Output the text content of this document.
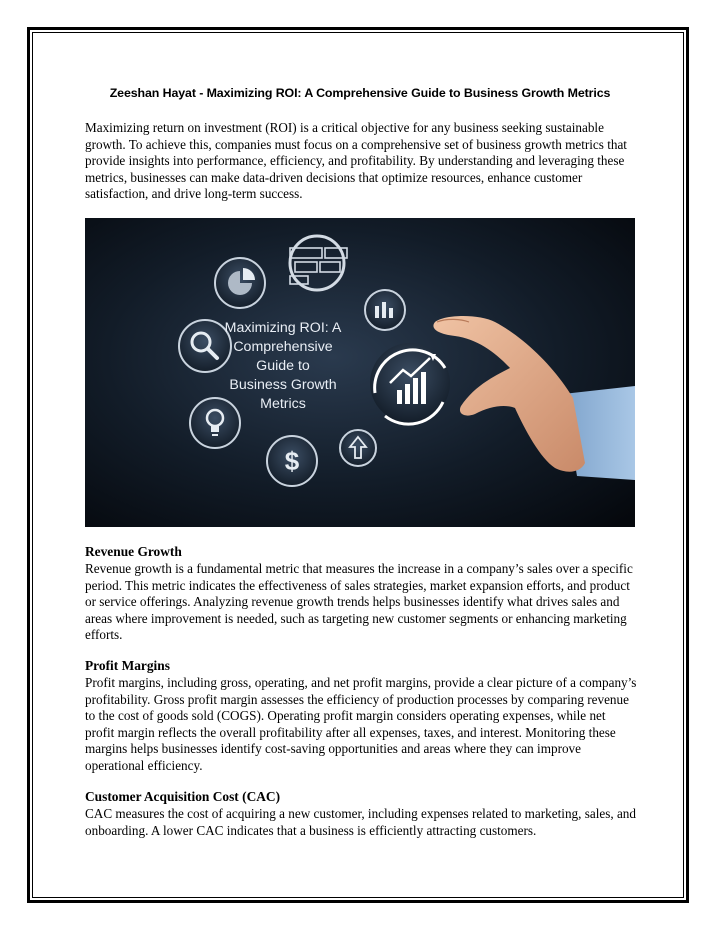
Zeeshan Hayat - Maximizing ROI: A Comprehensive Guide to Business Growth Metrics

Maximizing return on investment (ROI) is a critical objective for any business seeking sustainable growth. To achieve this, companies must focus on a comprehensive set of business growth metrics that provide insights into performance, efficiency, and profitability. By understanding and leveraging these metrics, businesses can make data-driven decisions that optimize resources, enhance customer satisfaction, and drive long-term success.

$
Maximizing ROI: A
Comprehensive
Guide to
Business Growth
Metrics
Revenue Growth

Revenue growth is a fundamental metric that measures the increase in a company’s sales over a specific period. This metric indicates the effectiveness of sales strategies, market expansion efforts, and product or service offerings. Analyzing revenue growth trends helps businesses identify what drives sales and areas where improvement is needed, such as targeting new customer segments or enhancing marketing efforts.

Profit Margins

Profit margins, including gross, operating, and net profit margins, provide a clear picture of a company’s profitability. Gross profit margin assesses the efficiency of production processes by comparing revenue to the cost of goods sold (COGS). Operating profit margin considers operating expenses, while net profit margin reflects the overall profitability after all expenses, taxes, and interest. Monitoring these margins helps businesses identify cost-saving opportunities and areas where they can improve operational efficiency.

Customer Acquisition Cost (CAC)

CAC measures the cost of acquiring a new customer, including expenses related to marketing, sales, and onboarding. A lower CAC indicates that a business is efficiently attracting customers.
